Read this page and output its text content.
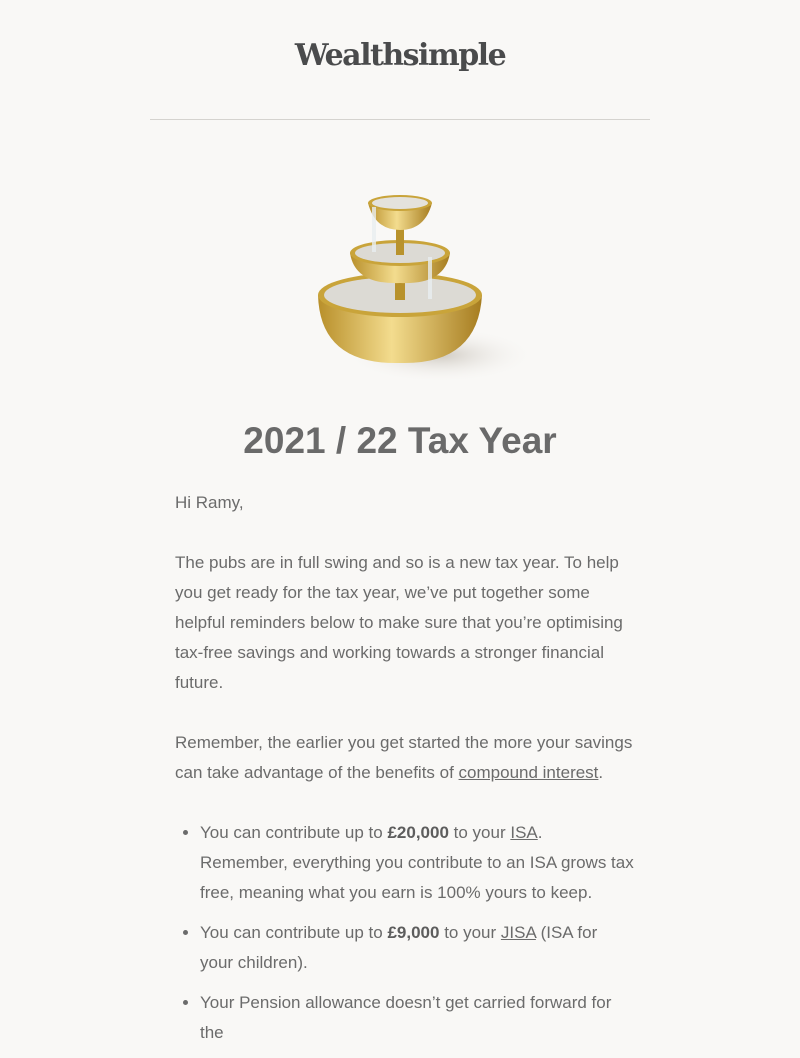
Wealthsimple
2021 / 22 Tax Year

Hi Ramy,

The pubs are in full swing and so is a new tax year. To help you get ready for the tax year, we’ve put together some helpful reminders below to make sure that you’re optimising tax-free savings and working towards a stronger financial future.

Remember, the earlier you get started the more your savings can take advantage of the benefits of compound interest.

• You can contribute up to £20,000 to your ISA. Remember, everything you contribute to an ISA grows tax free, meaning what you earn is 100% yours to keep.
• You can contribute up to £9,000 to your JISA (ISA for your children).
• Your Pension allowance doesn’t get carried forward for the
